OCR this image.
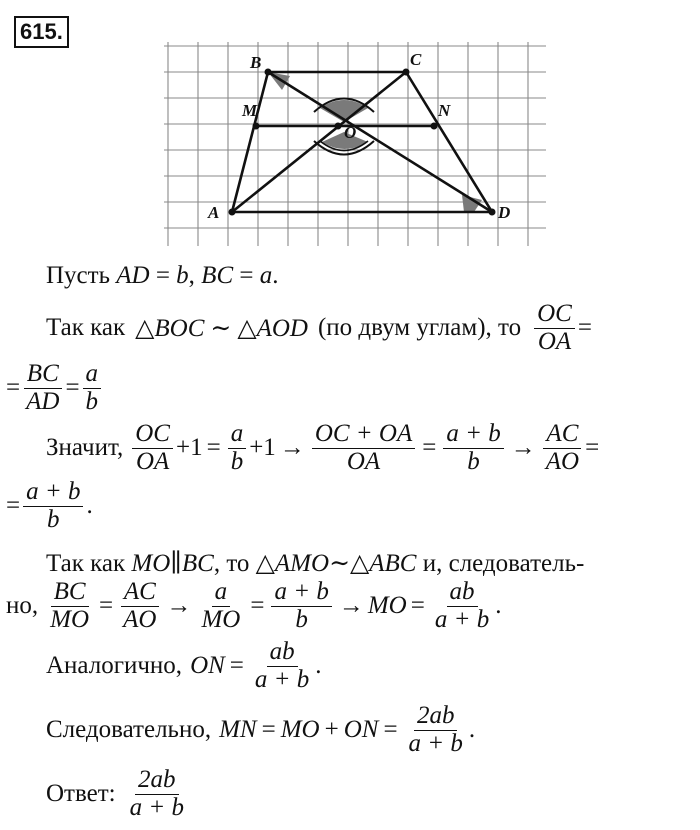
615.
B	C
M	N
O
A	D
Пусть AD = b, BC = a.
Так как △BOC ∼ △AOD (по двум углам), то $\frac{OC}{OA}$ =
= $\frac{BC}{AD} = \frac{a}{b}$
Значит, $\frac{OC}{OA} +1 = \frac{a}{b} +1 \to \frac{OC + OA}{OA} = \frac{a + b}{b} \to \frac{AC}{AO}$ =
= $\frac{a + b}{b}$ .
Так как MO∥BC, то △AMO∼△ABC и, следователь-
но, $\frac{BC}{MO} = \frac{AC}{AO} \to \frac{a}{MO} = \frac{a + b}{b}$ → MO = $\frac{ab}{a + b}$ .
Аналогично, ON = $\frac{ab}{a + b}$ .
Следовательно, MN = MO + ON = $\frac{2ab}{a + b}$ .
Ответ: $\frac{2ab}{a + b}$
